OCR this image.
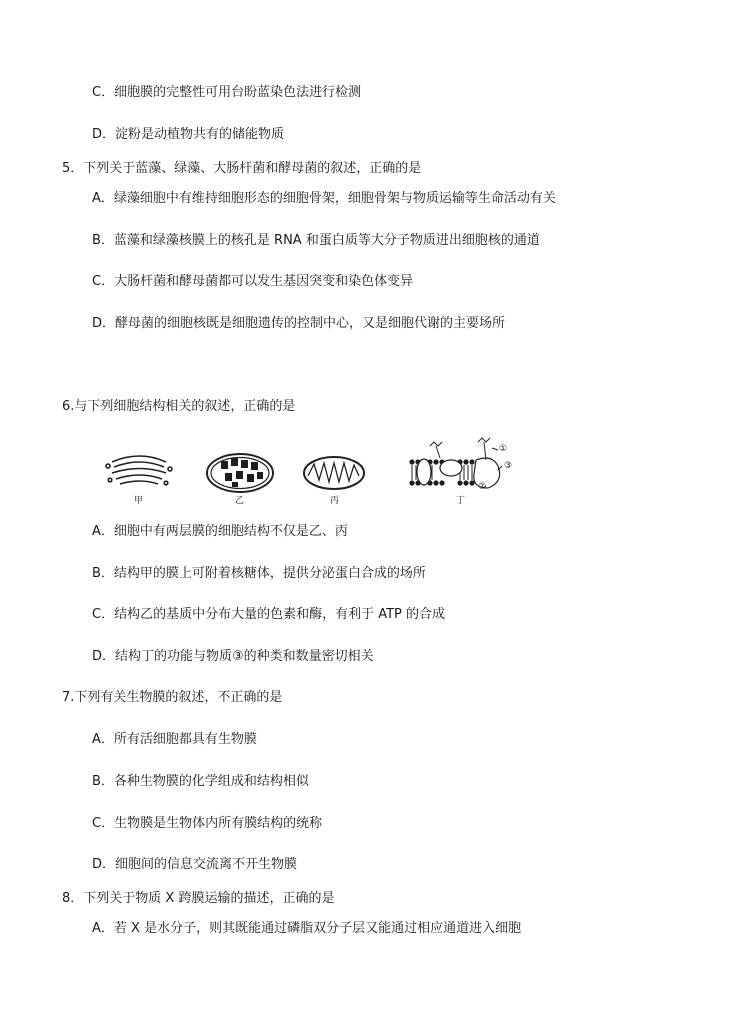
C．细胞膜的完整性可用台盼蓝染色法进行检测
D．淀粉是动植物共有的储能物质
5．下列关于蓝藻、绿藻、大肠杆菌和酵母菌的叙述，正确的是
A．绿藻细胞中有维持细胞形态的细胞骨架，细胞骨架与物质运输等生命活动有关
B．蓝藻和绿藻核膜上的核孔是 RNA 和蛋白质等大分子物质进出细胞核的通道
C．大肠杆菌和酵母菌都可以发生基因突变和染色体变异
D．酵母菌的细胞核既是细胞遗传的控制中心，又是细胞代谢的主要场所
6.与下列细胞结构相关的叙述，正确的是
甲	乙	丙	丁
①
②
③
A．细胞中有两层膜的细胞结构不仅是乙、丙
B．结构甲的膜上可附着核糖体，提供分泌蛋白合成的场所
C．结构乙的基质中分布大量的色素和酶，有利于 ATP 的合成
D．结构丁的功能与物质③的种类和数量密切相关
7.下列有关生物膜的叙述，不正确的是
A．所有活细胞都具有生物膜
B．各种生物膜的化学组成和结构相似
C．生物膜是生物体内所有膜结构的统称
D．细胞间的信息交流离不开生物膜
8．下列关于物质 X 跨膜运输的描述，正确的是
A．若 X 是水分子，则其既能通过磷脂双分子层又能通过相应通道进入细胞
